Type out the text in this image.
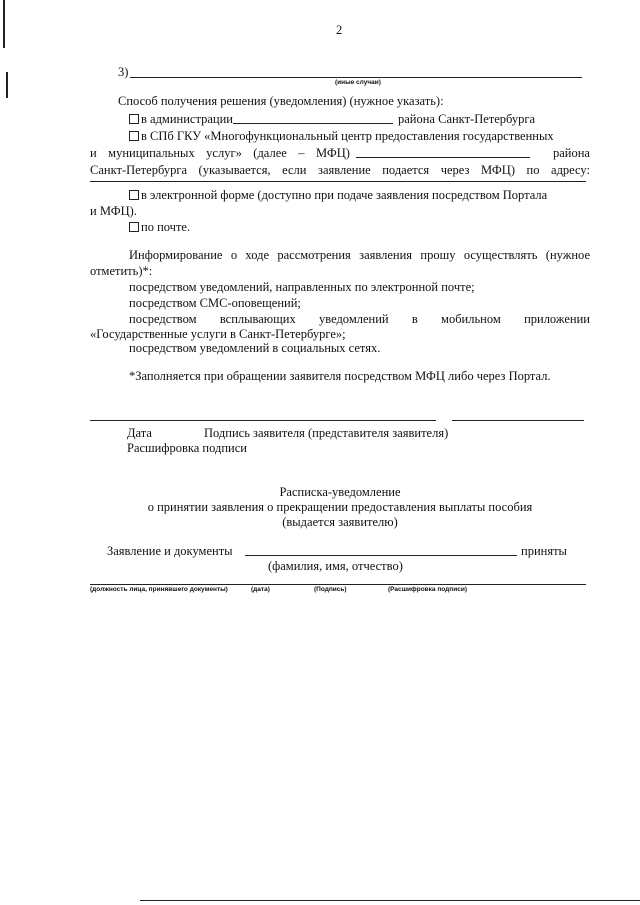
2
3)
(иные случаи)
Способ получения решения (уведомления) (нужное указать):
в администрации	района Санкт-Петербурга
в СПб ГКУ «Многофункциональный центр предоставления государственных
и муниципальных услуг» (далее – МФЦ)	района
Санкт-Петербурга (указывается, если заявление подается через МФЦ) по адресу:
в электронной форме (доступно при подаче заявления посредством Портала
и МФЦ).
по почте.
Информирование о ходе рассмотрения заявления прошу осуществлять (нужное
отметить)*:
посредством уведомлений, направленных по электронной почте;
посредством СМС-оповещений;
посредством всплывающих уведомлений в мобильном приложении
«Государственные услуги в Санкт-Петербурге»;
посредством уведомлений в социальных сетях.
*Заполняется при обращении заявителя посредством МФЦ либо через Портал.
Дата	Подпись заявителя (представителя заявителя)
Расшифровка подписи
Расписка-уведомление
о принятии заявления о прекращении предоставления выплаты пособия
(выдается заявителю)
Заявление и документы	приняты
(фамилия, имя, отчество)
(должность лица, принявшего документы)	(дата)	(Подпись)	(Расшифровка подписи)
